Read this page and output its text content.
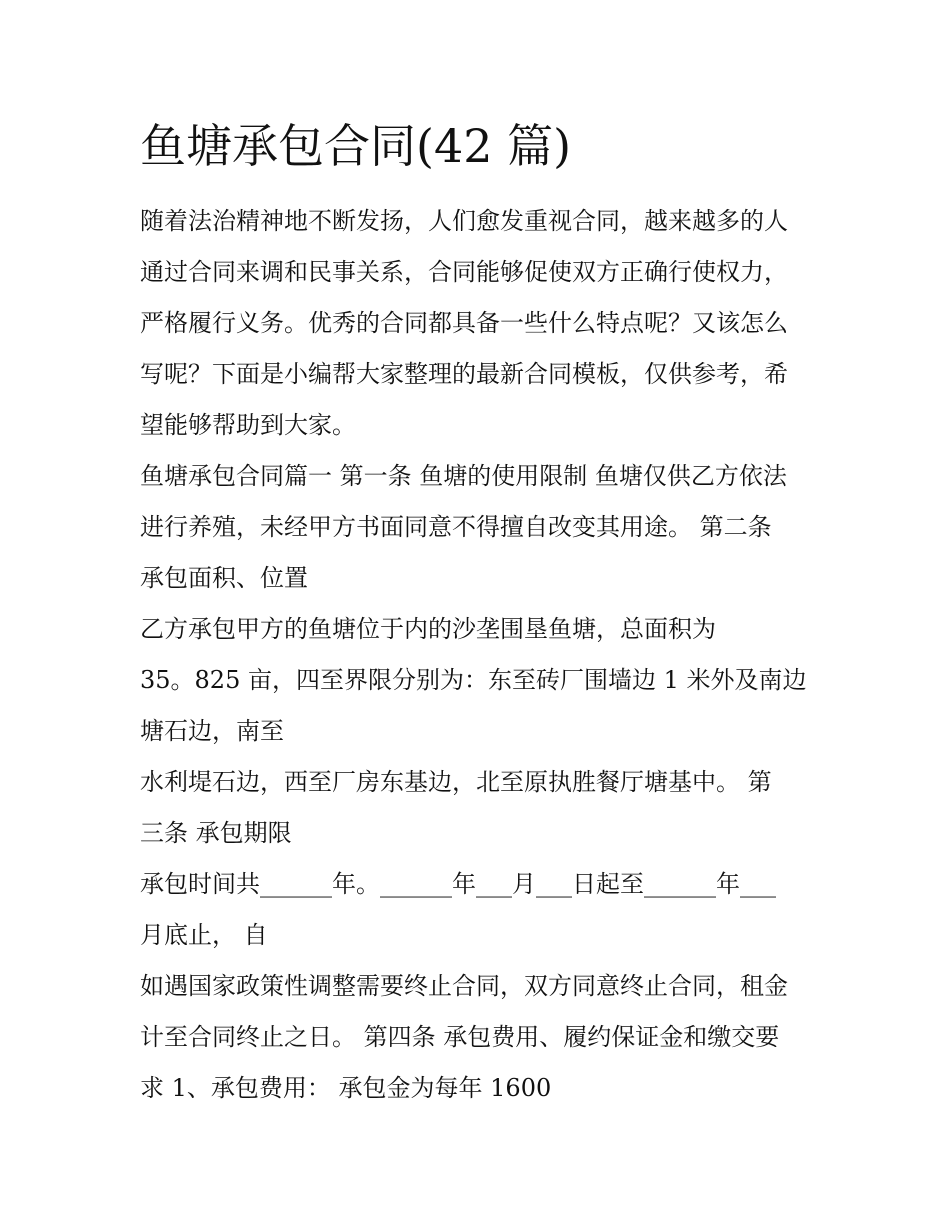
鱼塘承包合同(42 篇)
随着法治精神地不断发扬，人们愈发重视合同，越来越多的人
通过合同来调和民事关系，合同能够促使双方正确行使权力，
严格履行义务。优秀的合同都具备一些什么特点呢？又该怎么
写呢？下面是小编帮大家整理的最新合同模板，仅供参考，希
望能够帮助到大家。
鱼塘承包合同篇一 第一条 鱼塘的使用限制 鱼塘仅供乙方依法
进行养殖，未经甲方书面同意不得擅自改变其用途。 第二条
承包面积、位置
乙方承包甲方的鱼塘位于内的沙垄围垦鱼塘，总面积为
35。825 亩，四至界限分别为：东至砖厂围墙边 1 米外及南边
塘石边，南至
水利堤石边，西至厂房东基边，北至原执胜餐厅塘基中。 第
三条 承包期限
承包时间共______年。______年___月___日起至______年___
月底止， 自
如遇国家政策性调整需要终止合同，双方同意终止合同，租金
计至合同终止之日。 第四条 承包费用、履约保证金和缴交要
求 1、承包费用： 承包金为每年 1600
